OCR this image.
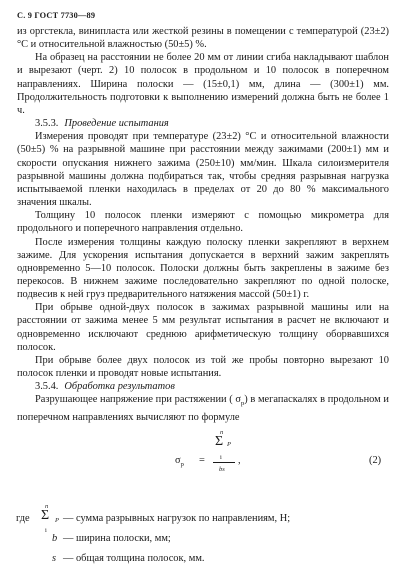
С. 9 ГОСТ 7730—89

из оргстекла, винипласта или жесткой резины в помещении с температурой (23±2) °С и относительной влажностью (50±5) %.

На образец на расстоянии не более 20 мм от линии сгиба накладывают шаблон и вырезают (черт. 2) 10 полосок в продольном и 10 полосок в поперечном направлениях. Ширина полоски — (15±0,1) мм, длина — (300±1) мм. Продолжительность подготовки к выполнению измерений должна быть не более 1 ч.

3.5.3. Проведение испытания

Измерения проводят при температуре (23±2) °С и относительной влажности (50±5) % на разрывной машине при расстоянии между зажимами (200±1) мм и скорости опускания нижнего зажима (250±10) мм/мин. Шкала силоизмерителя разрывной машины должна подбираться так, чтобы средняя разрывная нагрузка испытываемой пленки находилась в пределах от 20 до 80 % максимального значения шкалы.

Толщину 10 полосок пленки измеряют с помощью микрометра для продольного и поперечного направления отдельно.

После измерения толщины каждую полоску пленки закрепляют в верхнем зажиме. Для ускорения испытания допускается в верхний зажим закреплять одновременно 5—10 полосок. Полоски должны быть закреплены в зажиме без перекосов. В нижнем зажиме последовательно закрепляют по одной полоске, подвесив к ней груз предварительного натяжения массой (50±1) г.

При обрыве одной-двух полосок в зажимах разрывной машины или на расстоянии от зажима менее 5 мм результат испытания в расчет не включают и одновременно исключают среднюю арифметическую толщину оборвавшихся полосок.

При обрыве более двух полосок из той же пробы повторно вырезают 10 полосок пленки и проводят новые испытания.

3.5.4. Обработка результатов

Разрушающее напряжение при растяжении ( $\sigma_р$) в мегапаскалях в продольном и поперечном направлениях вычисляют по формуле

n
Σ P
i
$\sigma_р$ =
bs
,	(2)
где
n
Σ
i
P — сумма разрывных нагрузок по направлениям, Н;
b — ширина полоски, мм;
s — общая толщина полосок, мм.
